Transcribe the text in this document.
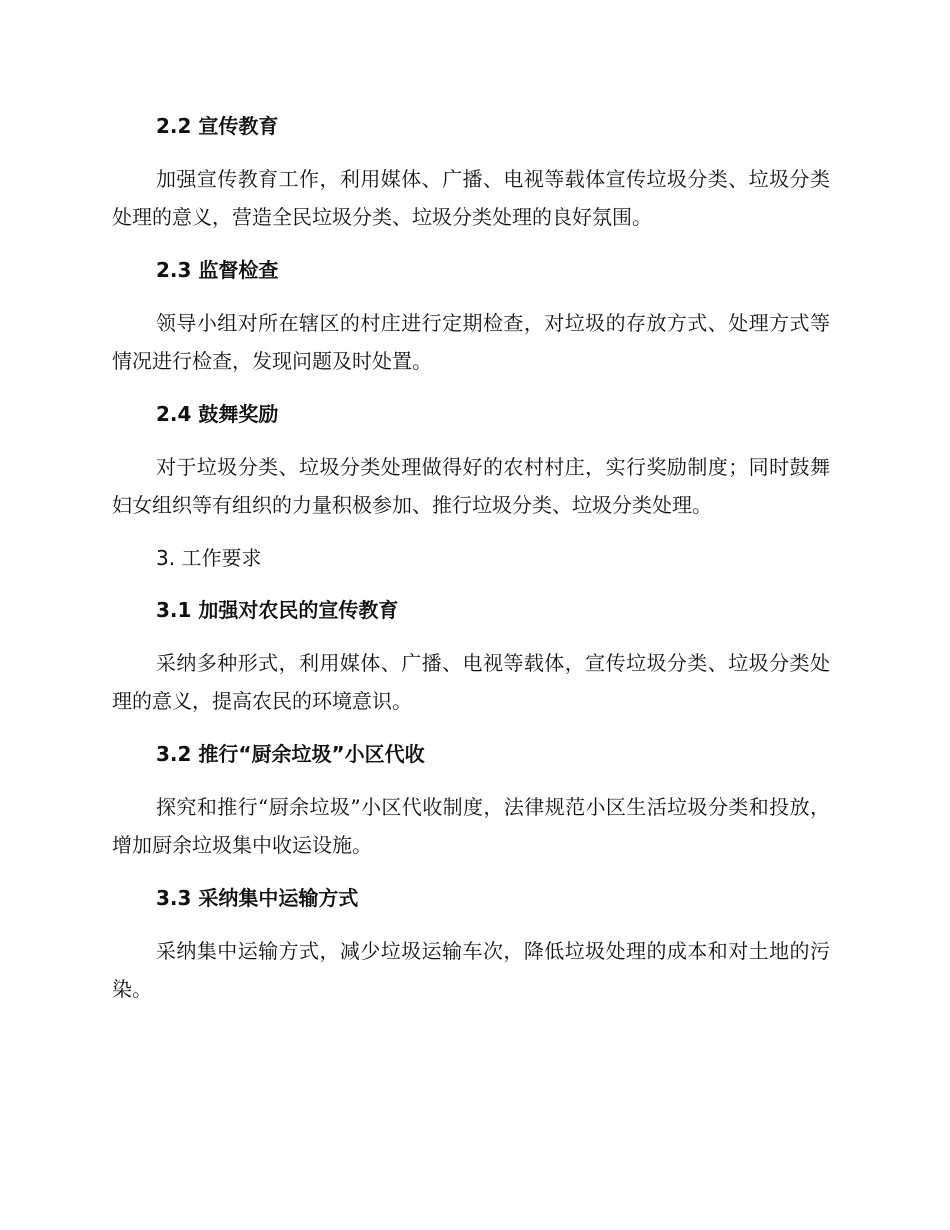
2.2 宣传教育

加强宣传教育工作，利用媒体、广播、电视等载体宣传垃圾分类、垃圾分类处理的意义，营造全民垃圾分类、垃圾分类处理的良好氛围。

2.3 监督检查

领导小组对所在辖区的村庄进行定期检查，对垃圾的存放方式、处理方式等情况进行检查，发现问题及时处置。

2.4 鼓舞奖励

对于垃圾分类、垃圾分类处理做得好的农村村庄，实行奖励制度；同时鼓舞妇女组织等有组织的力量积极参加、推行垃圾分类、垃圾分类处理。

3. 工作要求
3.1 加强对农民的宣传教育

采纳多种形式，利用媒体、广播、电视等载体，宣传垃圾分类、垃圾分类处理的意义，提高农民的环境意识。

3.2 推行“厨余垃圾”小区代收

探究和推行“厨余垃圾”小区代收制度，法律规范小区生活垃圾分类和投放，增加厨余垃圾集中收运设施。

3.3 采纳集中运输方式

采纳集中运输方式，减少垃圾运输车次，降低垃圾处理的成本和对土地的污染。
